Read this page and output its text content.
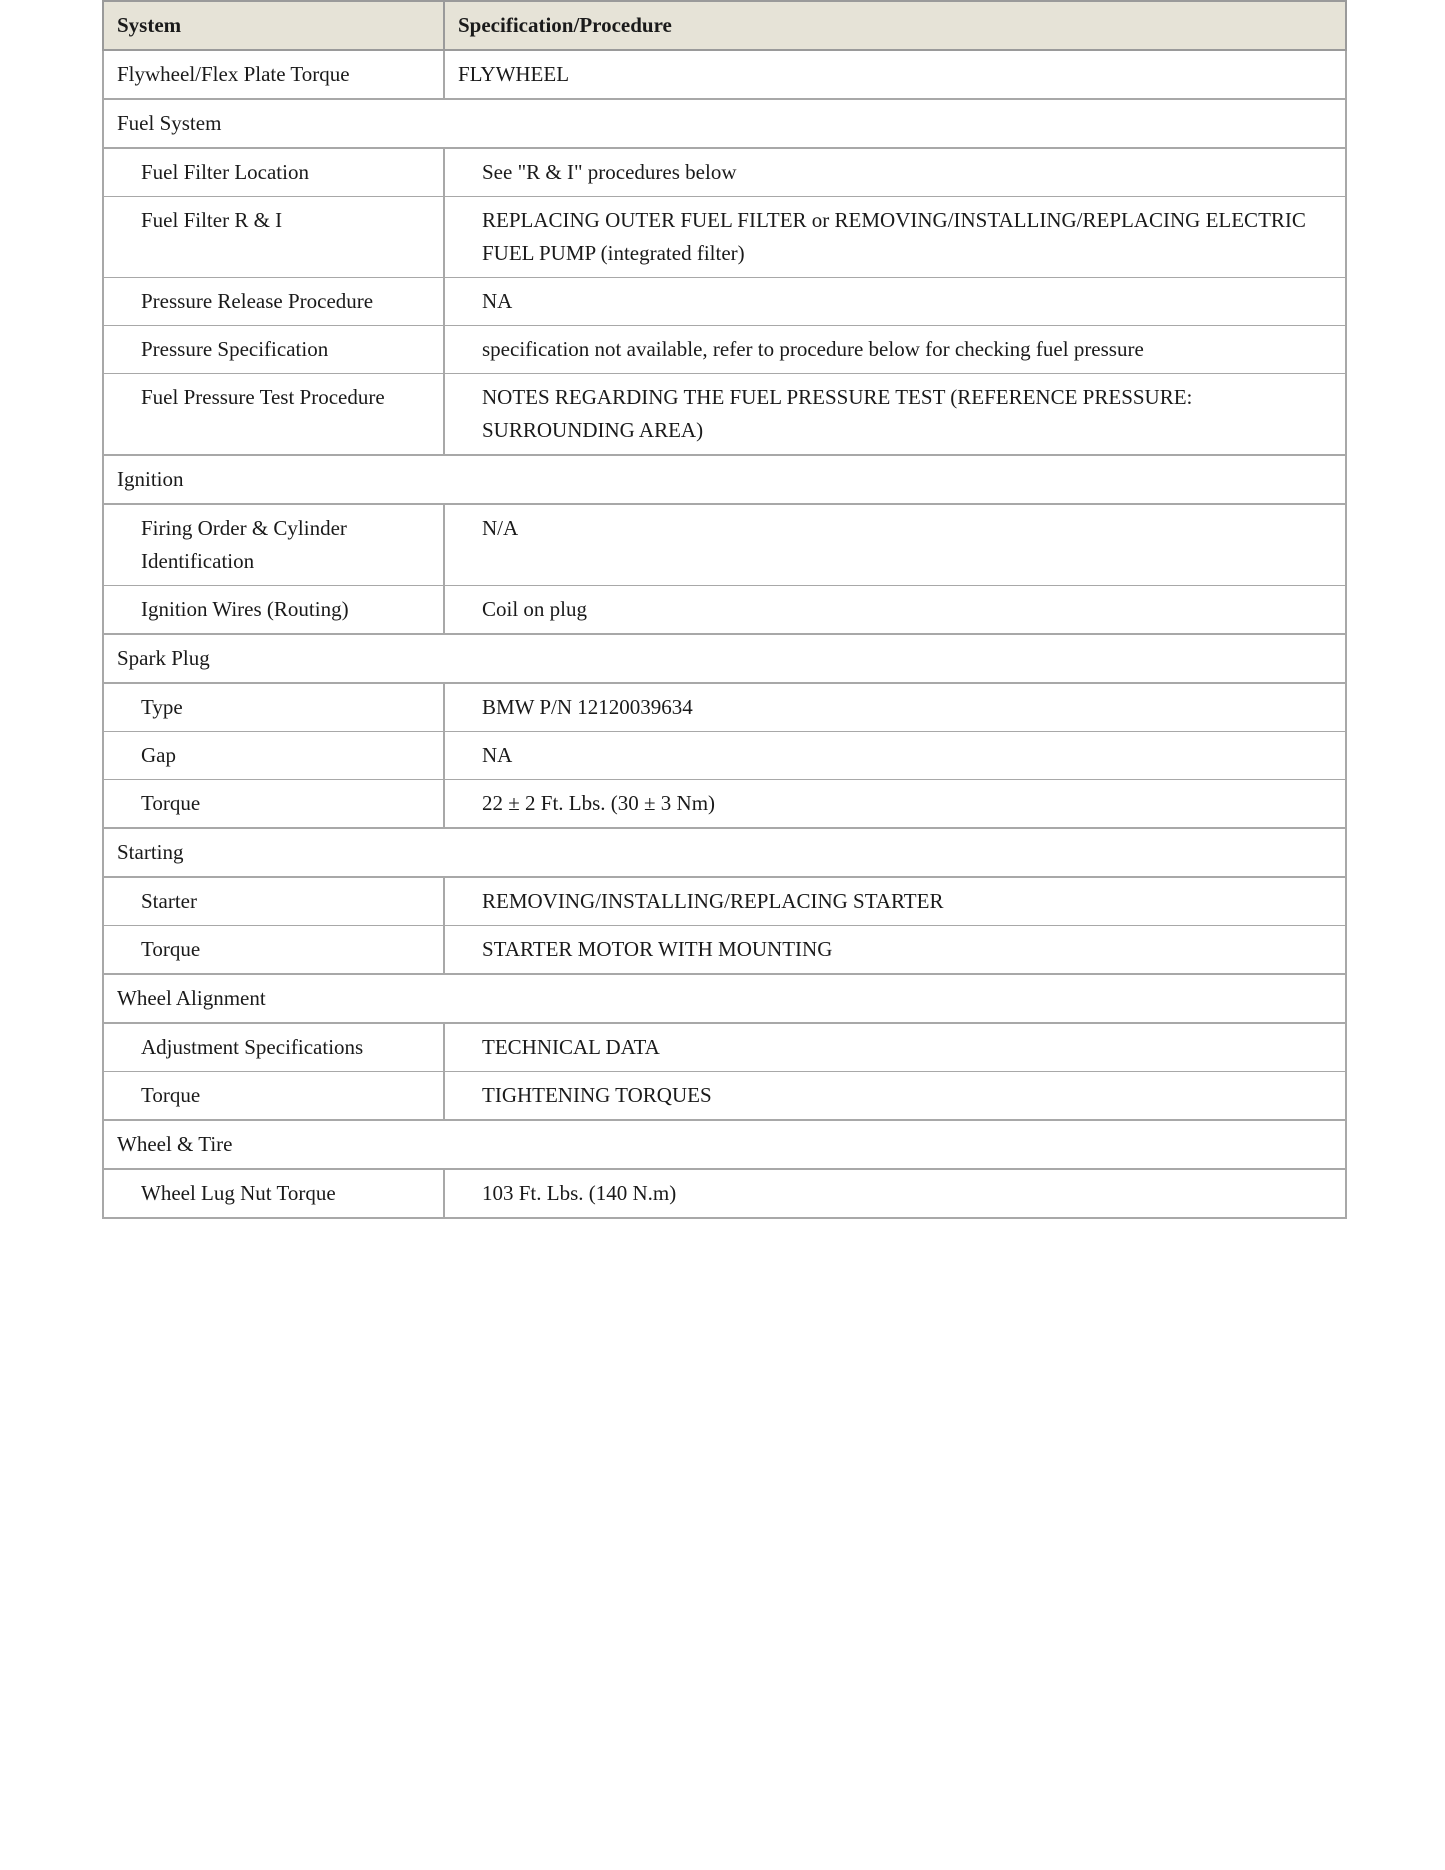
System	Specification/Procedure
Flywheel/Flex Plate Torque	FLYWHEEL
Fuel System	
Fuel Filter Location	See "R & I" procedures below
Fuel Filter R & I	REPLACING OUTER FUEL FILTER or REMOVING/INSTALLING/REPLACING ELECTRIC FUEL PUMP (integrated filter)
Pressure Release Procedure	NA
Pressure Specification	specification not available, refer to procedure below for checking fuel pressure
Fuel Pressure Test Procedure	NOTES REGARDING THE FUEL PRESSURE TEST (REFERENCE PRESSURE: SURROUNDING AREA)
Ignition	
Firing Order & Cylinder Identification	N/A
Ignition Wires (Routing)	Coil on plug
Spark Plug	
Type	BMW P/N 12120039634
Gap	NA
Torque	22 ± 2 Ft. Lbs. (30 ± 3 Nm)
Starting	
Starter	REMOVING/INSTALLING/REPLACING STARTER
Torque	STARTER MOTOR WITH MOUNTING
Wheel Alignment	
Adjustment Specifications	TECHNICAL DATA
Torque	TIGHTENING TORQUES
Wheel & Tire	
Wheel Lug Nut Torque	103 Ft. Lbs. (140 N.m)
